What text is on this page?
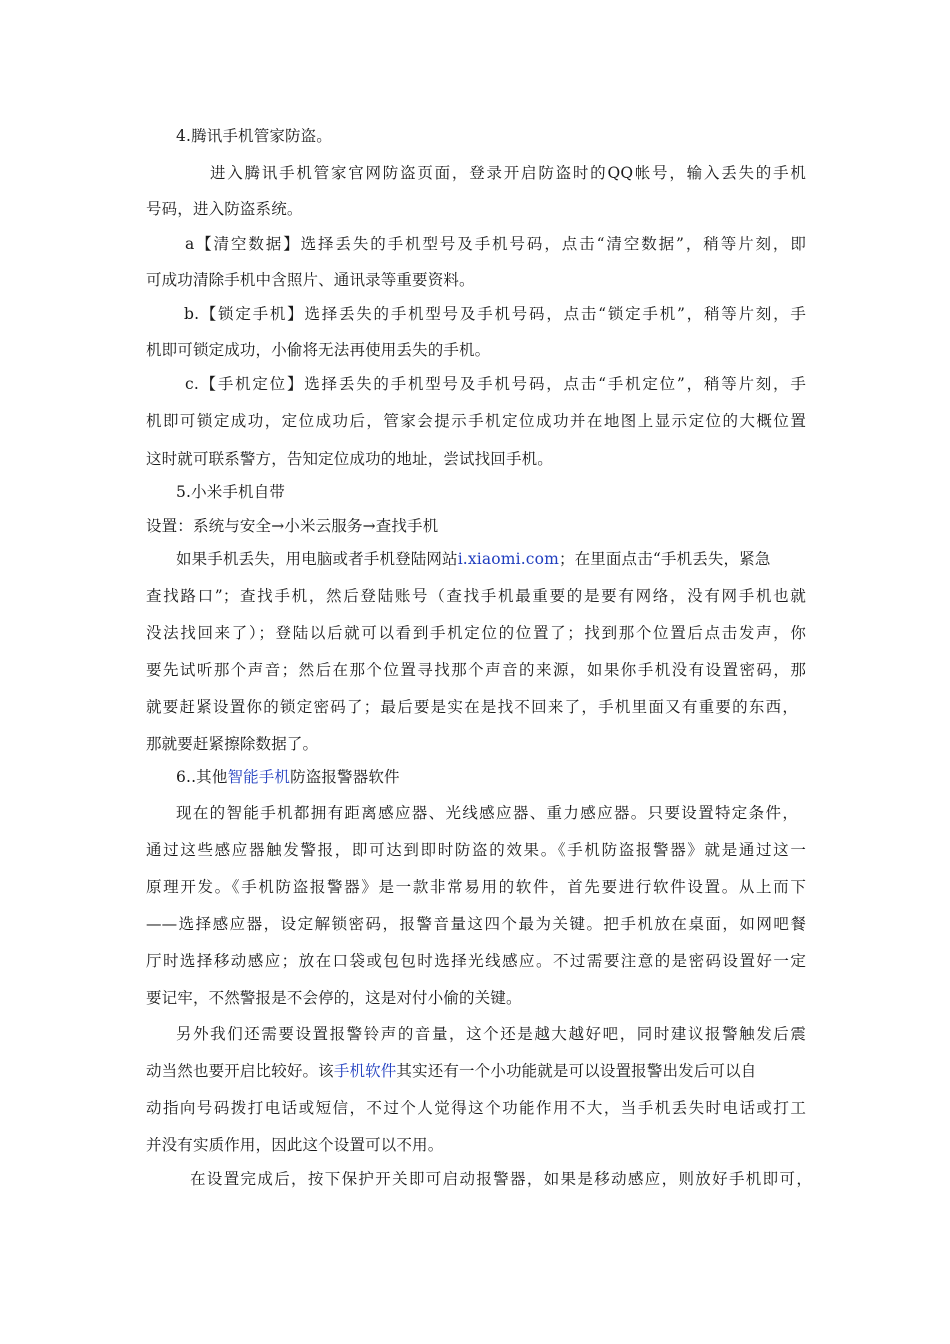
4.腾讯手机管家防盗。
进入腾讯手机管家官网防盗页面，登录开启防盗时的QQ帐号，输入丢失的手机
号码，进入防盗系统。
a【清空数据】选择丢失的手机型号及手机号码，点击“清空数据”，稍等片刻，即
可成功清除手机中含照片、通讯录等重要资料。
b.【锁定手机】选择丢失的手机型号及手机号码，点击“锁定手机”，稍等片刻，手
机即可锁定成功，小偷将无法再使用丢失的手机。
c.【手机定位】选择丢失的手机型号及手机号码，点击“手机定位”，稍等片刻，手
机即可锁定成功，定位成功后，管家会提示手机定位成功并在地图上显示定位的大概位置
这时就可联系警方，告知定位成功的地址，尝试找回手机。
5.小米手机自带
设置：系统与安全→小米云服务→查找手机
如果手机丢失，用电脑或者手机登陆网站i.xiaomi.com；在里面点击“手机丢失，紧急
查找路口”；查找手机，然后登陆账号（查找手机最重要的是要有网络，没有网手机也就
没法找回来了）；登陆以后就可以看到手机定位的位置了；找到那个位置后点击发声，你
要先试听那个声音；然后在那个位置寻找那个声音的来源，如果你手机没有设置密码，那
就要赶紧设置你的锁定密码了；最后要是实在是找不回来了，手机里面又有重要的东西，
那就要赶紧擦除数据了。
6..其他智能手机防盗报警器软件
现在的智能手机都拥有距离感应器、光线感应器、重力感应器。只要设置特定条件，
通过这些感应器触发警报，即可达到即时防盗的效果。《手机防盗报警器》就是通过这一
原理开发。《手机防盗报警器》是一款非常易用的软件，首先要进行软件设置。从上而下
——选择感应器，设定解锁密码，报警音量这四个最为关键。把手机放在桌面，如网吧餐
厅时选择移动感应；放在口袋或包包时选择光线感应。不过需要注意的是密码设置好一定
要记牢，不然警报是不会停的，这是对付小偷的关键。
另外我们还需要设置报警铃声的音量，这个还是越大越好吧，同时建议报警触发后震
动当然也要开启比较好。该手机软件其实还有一个小功能就是可以设置报警出发后可以自
动指向号码拨打电话或短信，不过个人觉得这个功能作用不大，当手机丢失时电话或打工
并没有实质作用，因此这个设置可以不用。
在设置完成后，按下保护开关即可启动报警器，如果是移动感应，则放好手机即可，
